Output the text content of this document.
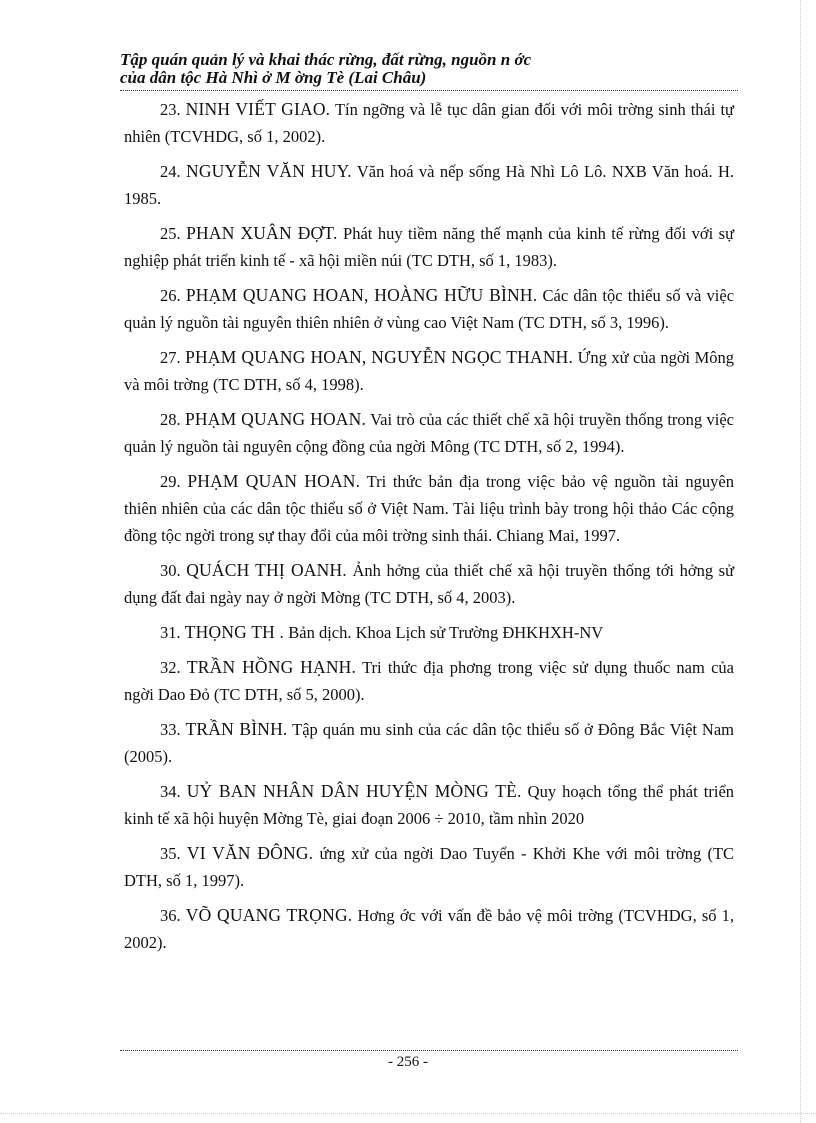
Tập quán quản lý và khai thác rừng, đất rừng, nguồn n ớc
của dân tộc Hà Nhì ở M ờng Tè (Lai Châu)

23. NINH VIẾT GIAO. Tín ngỡng và lễ tục dân gian đối với môi trờng sinh thái tự nhiên (TCVHDG, số 1, 2002).

24. NGUYỄN VĂN HUY. Văn hoá và nếp sống Hà Nhì Lô Lô. NXB Văn hoá. H. 1985.

25. PHAN XUÂN ĐỢT. Phát huy tiềm năng thế mạnh của kinh tế rừng đối với sự nghiệp phát triển kinh tế - xã hội miền núi (TC DTH, số 1, 1983).

26. PHẠM QUANG HOAN, HOÀNG HỮU BÌNH. Các dân tộc thiểu số và việc quản lý nguồn tài nguyên thiên nhiên ở vùng cao Việt Nam (TC DTH, số 3, 1996).

27. PHẠM QUANG HOAN, NGUYỄN NGỌC THANH. Ứng xử của ngời Mông và môi trờng (TC DTH, số 4, 1998).

28. PHẠM QUANG HOAN. Vai trò của các thiết chế xã hội truyền thống trong việc quản lý nguồn tài nguyên cộng đồng của ngời Mông (TC DTH, số 2, 1994).

29. PHẠM QUAN HOAN. Tri thức bản địa trong việc bảo vệ nguồn tài nguyên thiên nhiên của các dân tộc thiểu số ở Việt Nam. Tài liệu trình bày trong hội thảo Các cộng đồng tộc ngời trong sự thay đổi của môi trờng sinh thái. Chiang Mai, 1997.

30. QUÁCH THỊ OANH. Ảnh hởng của thiết chế xã hội truyền thống tới hởng sử dụng đất đai ngày nay ở ngời Mờng (TC DTH, số 4, 2003).

31. THỌNG TH . Bản dịch. Khoa Lịch sử Trường ĐHKHXH-NV

32. TRẦN HỒNG HẠNH. Tri thức địa phơng trong việc sử dụng thuốc nam của ngời Dao Đỏ (TC DTH, số 5, 2000).

33. TRẦN BÌNH. Tập quán mu sinh của các dân tộc thiểu số ở Đông Bắc Việt Nam (2005).

34. UỶ BAN NHÂN DÂN HUYỆN MÒNG TÈ. Quy hoạch tổng thể phát triển kinh tế xã hội huyện Mờng Tè, giai đoạn 2006 ÷ 2010, tầm nhìn 2020

35. VI VĂN ĐÔNG. ứng xử của ngời Dao Tuyển - Khởi Khe với môi trờng (TC DTH, số 1, 1997).

36. VÕ QUANG TRỌNG. Hơng ớc với vấn đề bảo vệ môi trờng (TCVHDG, số 1, 2002).

- 256 -
